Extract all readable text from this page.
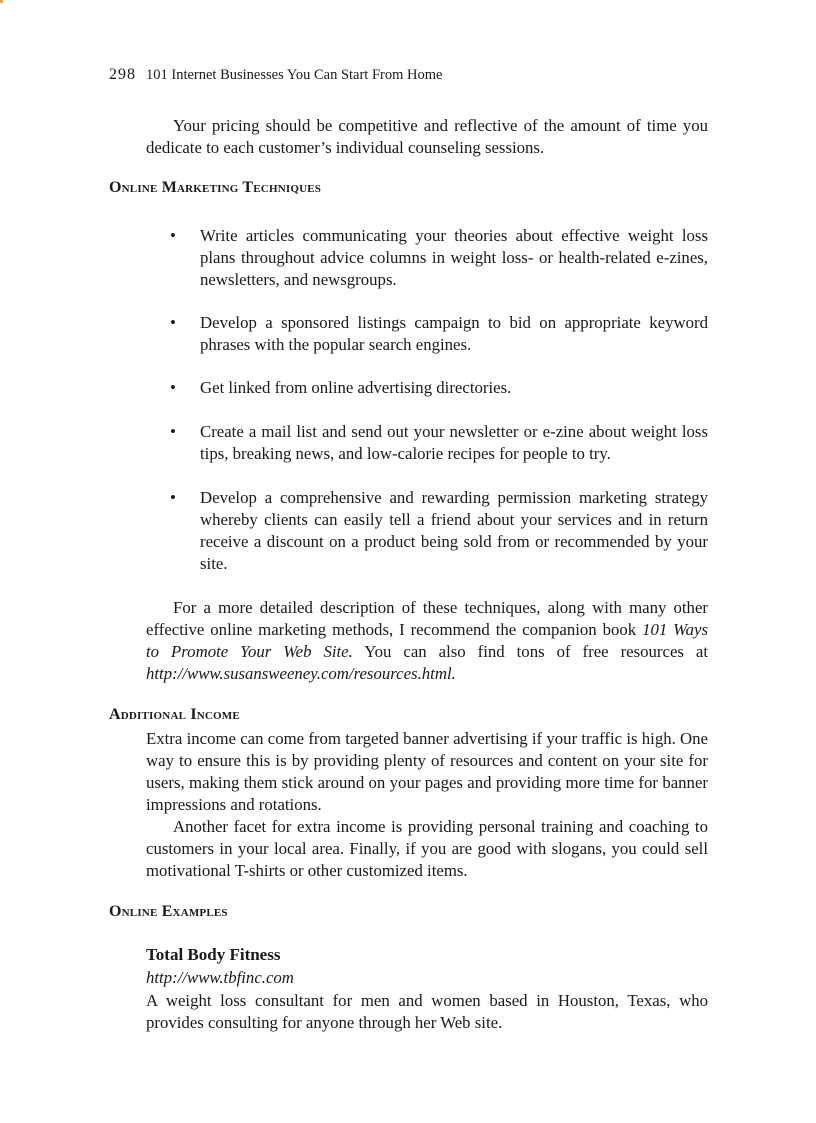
298 101 Internet Businesses You Can Start From Home

Your pricing should be competitive and reflective of the amount of time you dedicate to each customer’s individual counseling sessions.

Online Marketing Techniques
•	Write articles communicating your theories about effective weight loss plans throughout advice columns in weight loss- or health-related e-zines, newsletters, and newsgroups.
•	Develop a sponsored listings campaign to bid on appropriate keyword phrases with the popular search engines.
•	Get linked from online advertising directories.
•	Create a mail list and send out your newsletter or e-zine about weight loss tips, breaking news, and low-calorie recipes for people to try.
•	Develop a comprehensive and rewarding permission marketing strategy whereby clients can easily tell a friend about your services and in return receive a discount on a product being sold from or recommended by your site.

For a more detailed description of these techniques, along with many other effective online marketing methods, I recommend the companion book 101 Ways to Promote Your Web Site. You can also find tons of free resources at http://www.susansweeney.com/resources.html.

Additional Income

Extra income can come from targeted banner advertising if your traffic is high. One way to ensure this is by providing plenty of resources and content on your site for users, making them stick around on your pages and providing more time for banner impressions and rotations.

Another facet for extra income is providing personal training and coaching to customers in your local area. Finally, if you are good with slogans, you could sell motivational T-shirts or other customized items.

Online Examples

Total Body Fitness

http://www.tbfinc.com

A weight loss consultant for men and women based in Houston, Texas, who provides consulting for anyone through her Web site.
